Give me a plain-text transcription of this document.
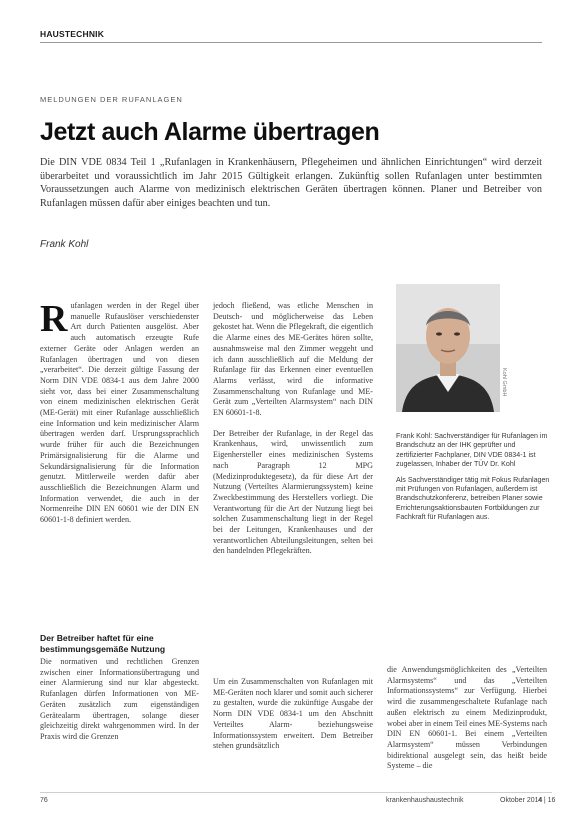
HAUSTECHNIK
MELDUNGEN DER RUFANLAGEN
Jetzt auch Alarme übertragen
Die DIN VDE 0834 Teil 1 „Rufanlagen in Krankenhäusern, Pflegeheimen und ähnlichen Einrichtungen“ wird derzeit überarbeitet und voraussichtlich im Jahr 2015 Gültigkeit erlangen. Zukünftig sollen Rufanlagen unter bestimmten Voraussetzungen auch Alarme von medizinisch elektrischen Geräten übertragen können. Planer und Betreiber von Rufanlagen müssen dafür aber einiges beachten und tun.
Frank Kohl
R ufanlagen werden in der Regel über manuelle Rufauslöser verschiedenster Art durch Patienten ausgelöst. Aber auch automatisch erzeugte Rufe externer Geräte oder Anlagen werden an Rufanlagen übertragen und von diesen „verarbeitet“. Die derzeit gültige Fassung der Norm DIN VDE 0834-1 aus dem Jahre 2000 sieht vor, dass bei einer Zusammenschaltung von einem medizinischen elektrischen Gerät (ME-Gerät) mit einer Rufanlage ausschließlich eine Information und kein medizinischer Alarm übertragen werden darf. Ursprungssprachlich wurde früher für auch die Bezeichnungen Primärsignalisierung für die Alarme und Sekundärsignalisierung für die Information genutzt. Mittlerweile werden dafür aber ausschließlich die Bezeichnungen Alarm und Information verwendet, die auch in der Normenreihe DIN EN 60601 wie der DIN EN 60601-1-8 definiert werden.

Der Betreiber haftet für eine bestimmungsgemäße Nutzung

Die normativen und rechtlichen Grenzen zwischen einer Informationsübertragung und einer Alarmierung sind nur klar abgesteckt. Rufanlagen dürfen Informationen von ME-Geräten zusätzlich zum eigenständigen Gerätealarm übertragen, solange dieser gleichzeitig direkt wahrgenommen wird. In der Praxis wird die Grenzen

jedoch fließend, was etliche Menschen in Deutsch- und möglicherweise das Leben gekostet hat. Wenn die Pflegekraft, die eigentlich die Alarme eines des ME-Gerätes hören sollte, ausnahmsweise mal den Zimmer weggeht und ich dann ausschließlich auf die Meldung der Rufanlage für das Erkennen einer eventuellen Alarms verlässt, wird die informative Zusammenschaltung von Rufanlage und ME-Gerät zum „Verteilten Alarmsystem“ nach DIN EN 60601-1-8.

Der Betreiber der Rufanlage, in der Regel das Krankenhaus, wird, unwissentlich zum Eigenhersteller eines medizinischen Systems nach Paragraph 12 MPG (Medizinproduktegesetz), da für diese Art der Nutzung (Verteiltes Alarmierungssystem) keine Zweckbestimmung des Herstellers vorliegt. Die Verantwortung für die Art der Nutzung liegt bei solchen Zusammenschaltung liegt in der Regel bei der Leitungen, Krankenhauses und der verantwortlichen Abteilungsleitungen, selten bei den handelnden Pflegekräften.

Um ein Zusammenschalten von Rufanlagen mit ME-Geräten noch klarer und somit auch sicherer zu gestalten, wurde die zukünftige Ausgabe der Norm DIN VDE 0834-1 um den Abschnitt Verteiltes Alarm- beziehungsweise Informationssystem erweitert. Dem Betreiber stehen grundsätzlich

Kohl GmbH

Frank Kohl: Sachverständiger für Rufanlagen im Brandschutz an der IHK geprüfter und zertifizierter Fachplaner, DIN VDE 0834-1 ist zugelassen, Inhaber der TÜV Dr. Kohl

Als Sachverständiger tätig mit Fokus Rufanlagen mit Prüfungen von Rufanlagen, außerdem ist Brandschutzkonferenz, betreiben Planer sowie Errichterungsaktionsbauten Fortbildungen zur Fachkraft für Rufanlagen aus.

die Anwendungsmöglichkeiten des „Verteilten Alarmsystems“ und das „Verteilten Informationssystems“ zur Verfügung. Hierbei wird die zusammengeschaltete Rufanlage nach außen elektrisch zu einem Medizinprodukt, wobei aber in einem Teil eines ME-Systems nach DIN EN 60601-1. Bei einem „Verteilten Alarmsystem“ müssen Verbindungen bidirektional ausgelegt sein, das heißt beide Systeme – die

76	krankenhaushaustechnik	Oktober 2014
4 | 16
